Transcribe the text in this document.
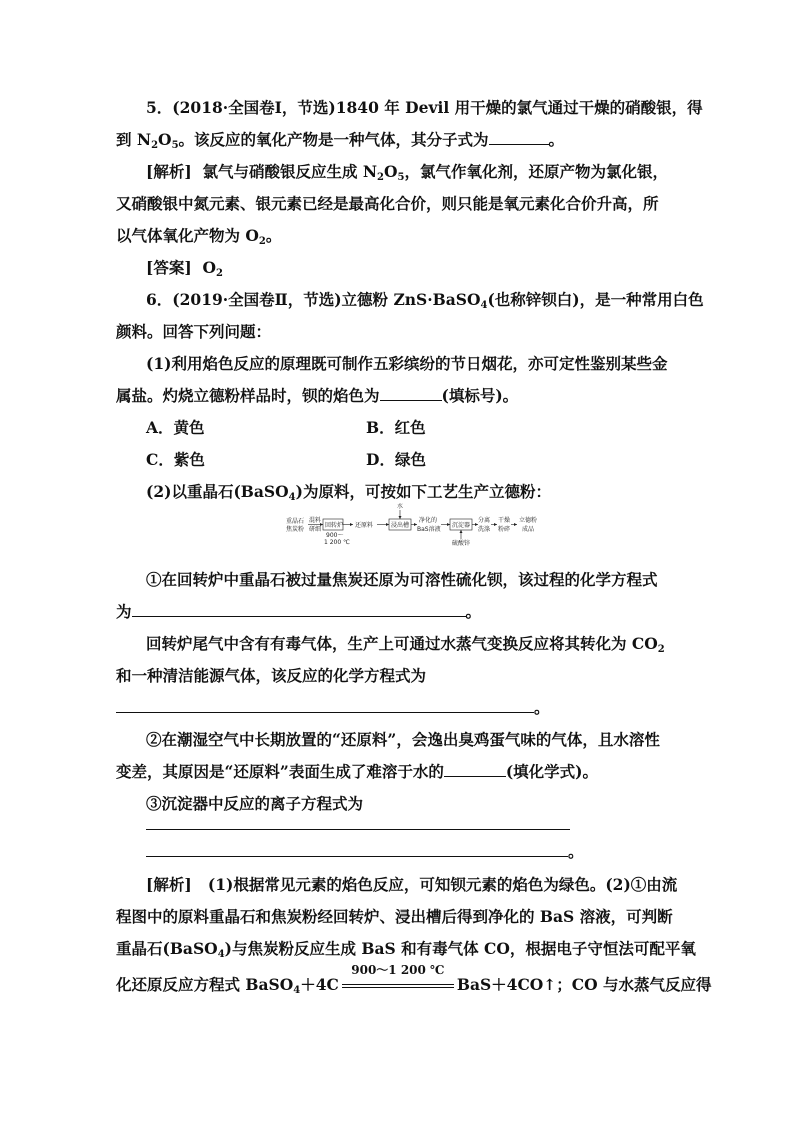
5．(2018·全国卷Ⅰ，节选)1840 年 Devil 用干燥的氯气通过干燥的硝酸银，得
到 $N_2O_5$。该反应的氧化产物是一种气体，其分子式为	。
[解析] 氯气与硝酸银反应生成 $N_2O_5$，氯气作氧化剂，还原产物为氯化银，
又硝酸银中氮元素、银元素已经是最高化合价，则只能是氧元素化合价升高，所
以气体氧化产物为 $O_2$。
[答案] $O_2$
6．(2019·全国卷Ⅱ，节选)立德粉 ZnS·BaSO$_4$(也称锌钡白)，是一种常用白色
颜料。回答下列问题：
(1)利用焰色反应的原理既可制作五彩缤纷的节日烟花，亦可定性鉴别某些金
属盐。灼烧立德粉样品时，钡的焰色为	(填标号)。
A．黄色	B．红色
C．紫色	D．绿色
(2)以重晶石(BaSO$_4$)为原料，可按如下工艺生产立德粉：
重晶石
焦炭粉
混料
研细
回转炉
900～
1 200 ℃
还原料	浸出槽
水
净化的
BaS溶液
沉淀器
硫酸锌
分离
洗涤
干燥
粉碎
立德粉
成品
①在回转炉中重晶石被过量焦炭还原为可溶性硫化钡，该过程的化学方程式
为	。
回转炉尾气中含有有毒气体，生产上可通过水蒸气变换反应将其转化为 $CO_2$
和一种清洁能源气体，该反应的化学方程式为
。
②在潮湿空气中长期放置的“还原料”，会逸出臭鸡蛋气味的气体，且水溶性
变差，其原因是“还原料”表面生成了难溶于水的	(填化学式)。
③沉淀器中反应的离子方程式为
。
[解析] (1)根据常见元素的焰色反应，可知钡元素的焰色为绿色。(2)①由流
程图中的原料重晶石和焦炭粉经回转炉、浸出槽后得到净化的 BaS 溶液，可判断
重晶石(BaSO$_4$)与焦炭粉反应生成 BaS 和有毒气体 CO，根据电子守恒法可配平氧
化还原反应方程式 BaSO$_4$＋4C
900～1 200 ℃
BaS＋4CO↑；CO 与水蒸气反应得
